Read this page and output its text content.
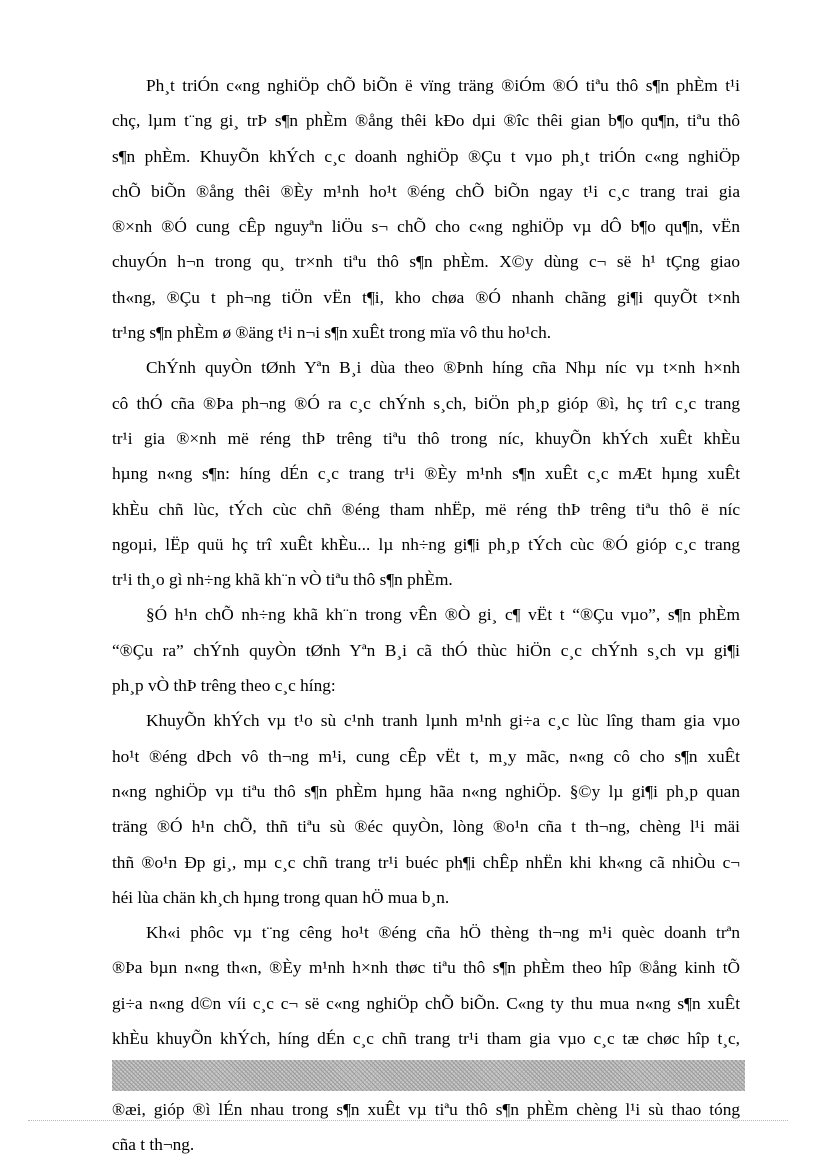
Ph¸t triÓn c«ng nghiÖp chÕ biÕn ë vïng träng ®iÓm ®Ó tiªu thô s¶n phÈm t¹i
chç, lµm t¨ng gi¸ trÞ s¶n phÈm ®ång thêi kÐo dµi ®îc thêi gian b¶o qu¶n, tiªu thô
s¶n phÈm. KhuyÕn khÝch c¸c doanh nghiÖp ®Çu t vµo ph¸t triÓn c«ng nghiÖp
chÕ biÕn ®ång thêi ®Èy m¹nh ho¹t ®éng chÕ biÕn ngay t¹i c¸c trang trai gia
®×nh ®Ó cung cÊp nguyªn liÖu s¬ chÕ cho c«ng nghiÖp vµ dÔ b¶o qu¶n, vËn
chuyÓn h¬n trong qu¸ tr×nh tiªu thô s¶n phÈm. X©y dùng c¬ së h¹ tÇng giao
th«ng, ®Çu t ph¬ng tiÖn vËn t¶i, kho chøa ®Ó nhanh chãng gi¶i quyÕt t×nh
tr¹ng s¶n phÈm ø ®äng t¹i n¬i s¶n xuÊt trong mïa vô thu ho¹ch.

ChÝnh quyÒn tØnh Yªn B¸i dùa theo ®Þnh híng cña Nhµ níc vµ t×nh h×nh
cô thÓ cña ®Þa ph¬ng ®Ó ra c¸c chÝnh s¸ch, biÖn ph¸p gióp ®ì, hç trî c¸c trang
tr¹i gia ®×nh më réng thÞ trêng tiªu thô trong níc, khuyÕn khÝch xuÊt khÈu
hµng n«ng s¶n: híng dÉn c¸c trang tr¹i ®Èy m¹nh s¶n xuÊt c¸c mÆt hµng xuÊt
khÈu chñ lùc, tÝch cùc chñ ®éng tham nhËp, më réng thÞ trêng tiªu thô ë níc
ngoµi, lËp quü hç trî xuÊt khÈu... lµ nh÷ng gi¶i ph¸p tÝch cùc ®Ó gióp c¸c trang
tr¹i th¸o gì nh÷ng khã kh¨n vÒ tiªu thô s¶n phÈm.

§Ó h¹n chÕ nh÷ng khã kh¨n trong vÊn ®Ò gi¸ c¶ vËt t “®Çu vµo”, s¶n phÈm
“®Çu ra” chÝnh quyÒn tØnh Yªn B¸i cã thÓ thùc hiÖn c¸c chÝnh s¸ch vµ gi¶i
ph¸p vÒ thÞ trêng theo c¸c híng:

KhuyÕn khÝch vµ t¹o sù c¹nh tranh lµnh m¹nh gi÷a c¸c lùc lîng tham gia vµo
ho¹t ®éng dÞch vô th¬ng m¹i, cung cÊp vËt t, m¸y mãc, n«ng cô cho s¶n xuÊt
n«ng nghiÖp vµ tiªu thô s¶n phÈm hµng hãa n«ng nghiÖp. §©y lµ gi¶i ph¸p quan
träng ®Ó h¹n chÕ, thñ tiªu sù ®éc quyÒn, lòng ®o¹n cña t th¬ng, chèng l¹i mäi
thñ ®o¹n Ðp gi¸, mµ c¸c chñ trang tr¹i buéc ph¶i chÊp nhËn khi kh«ng cã nhiÒu c¬
héi lùa chän kh¸ch hµng trong quan hÖ mua b¸n.

Kh«i phôc vµ t¨ng cêng ho¹t ®éng cña hÖ thèng th¬ng m¹i quèc doanh trªn
®Þa bµn n«ng th«n, ®Èy m¹nh h×nh thøc tiªu thô s¶n phÈm theo hîp ®ång kinh tÕ
gi÷a n«ng d©n víi c¸c c¬ së c«ng nghiÖp chÕ biÕn. C«ng ty thu mua n«ng s¶n xuÊt
khÈu khuyÕn khÝch, híng dÉn c¸c chñ trang tr¹i tham gia vµo c¸c tæ chøc hîp t¸c,
®æi, gióp ®ì lÉn nhau trong s¶n xuÊt vµ tiªu thô s¶n phÈm chèng l¹i sù thao tóng
cña t th¬ng.
